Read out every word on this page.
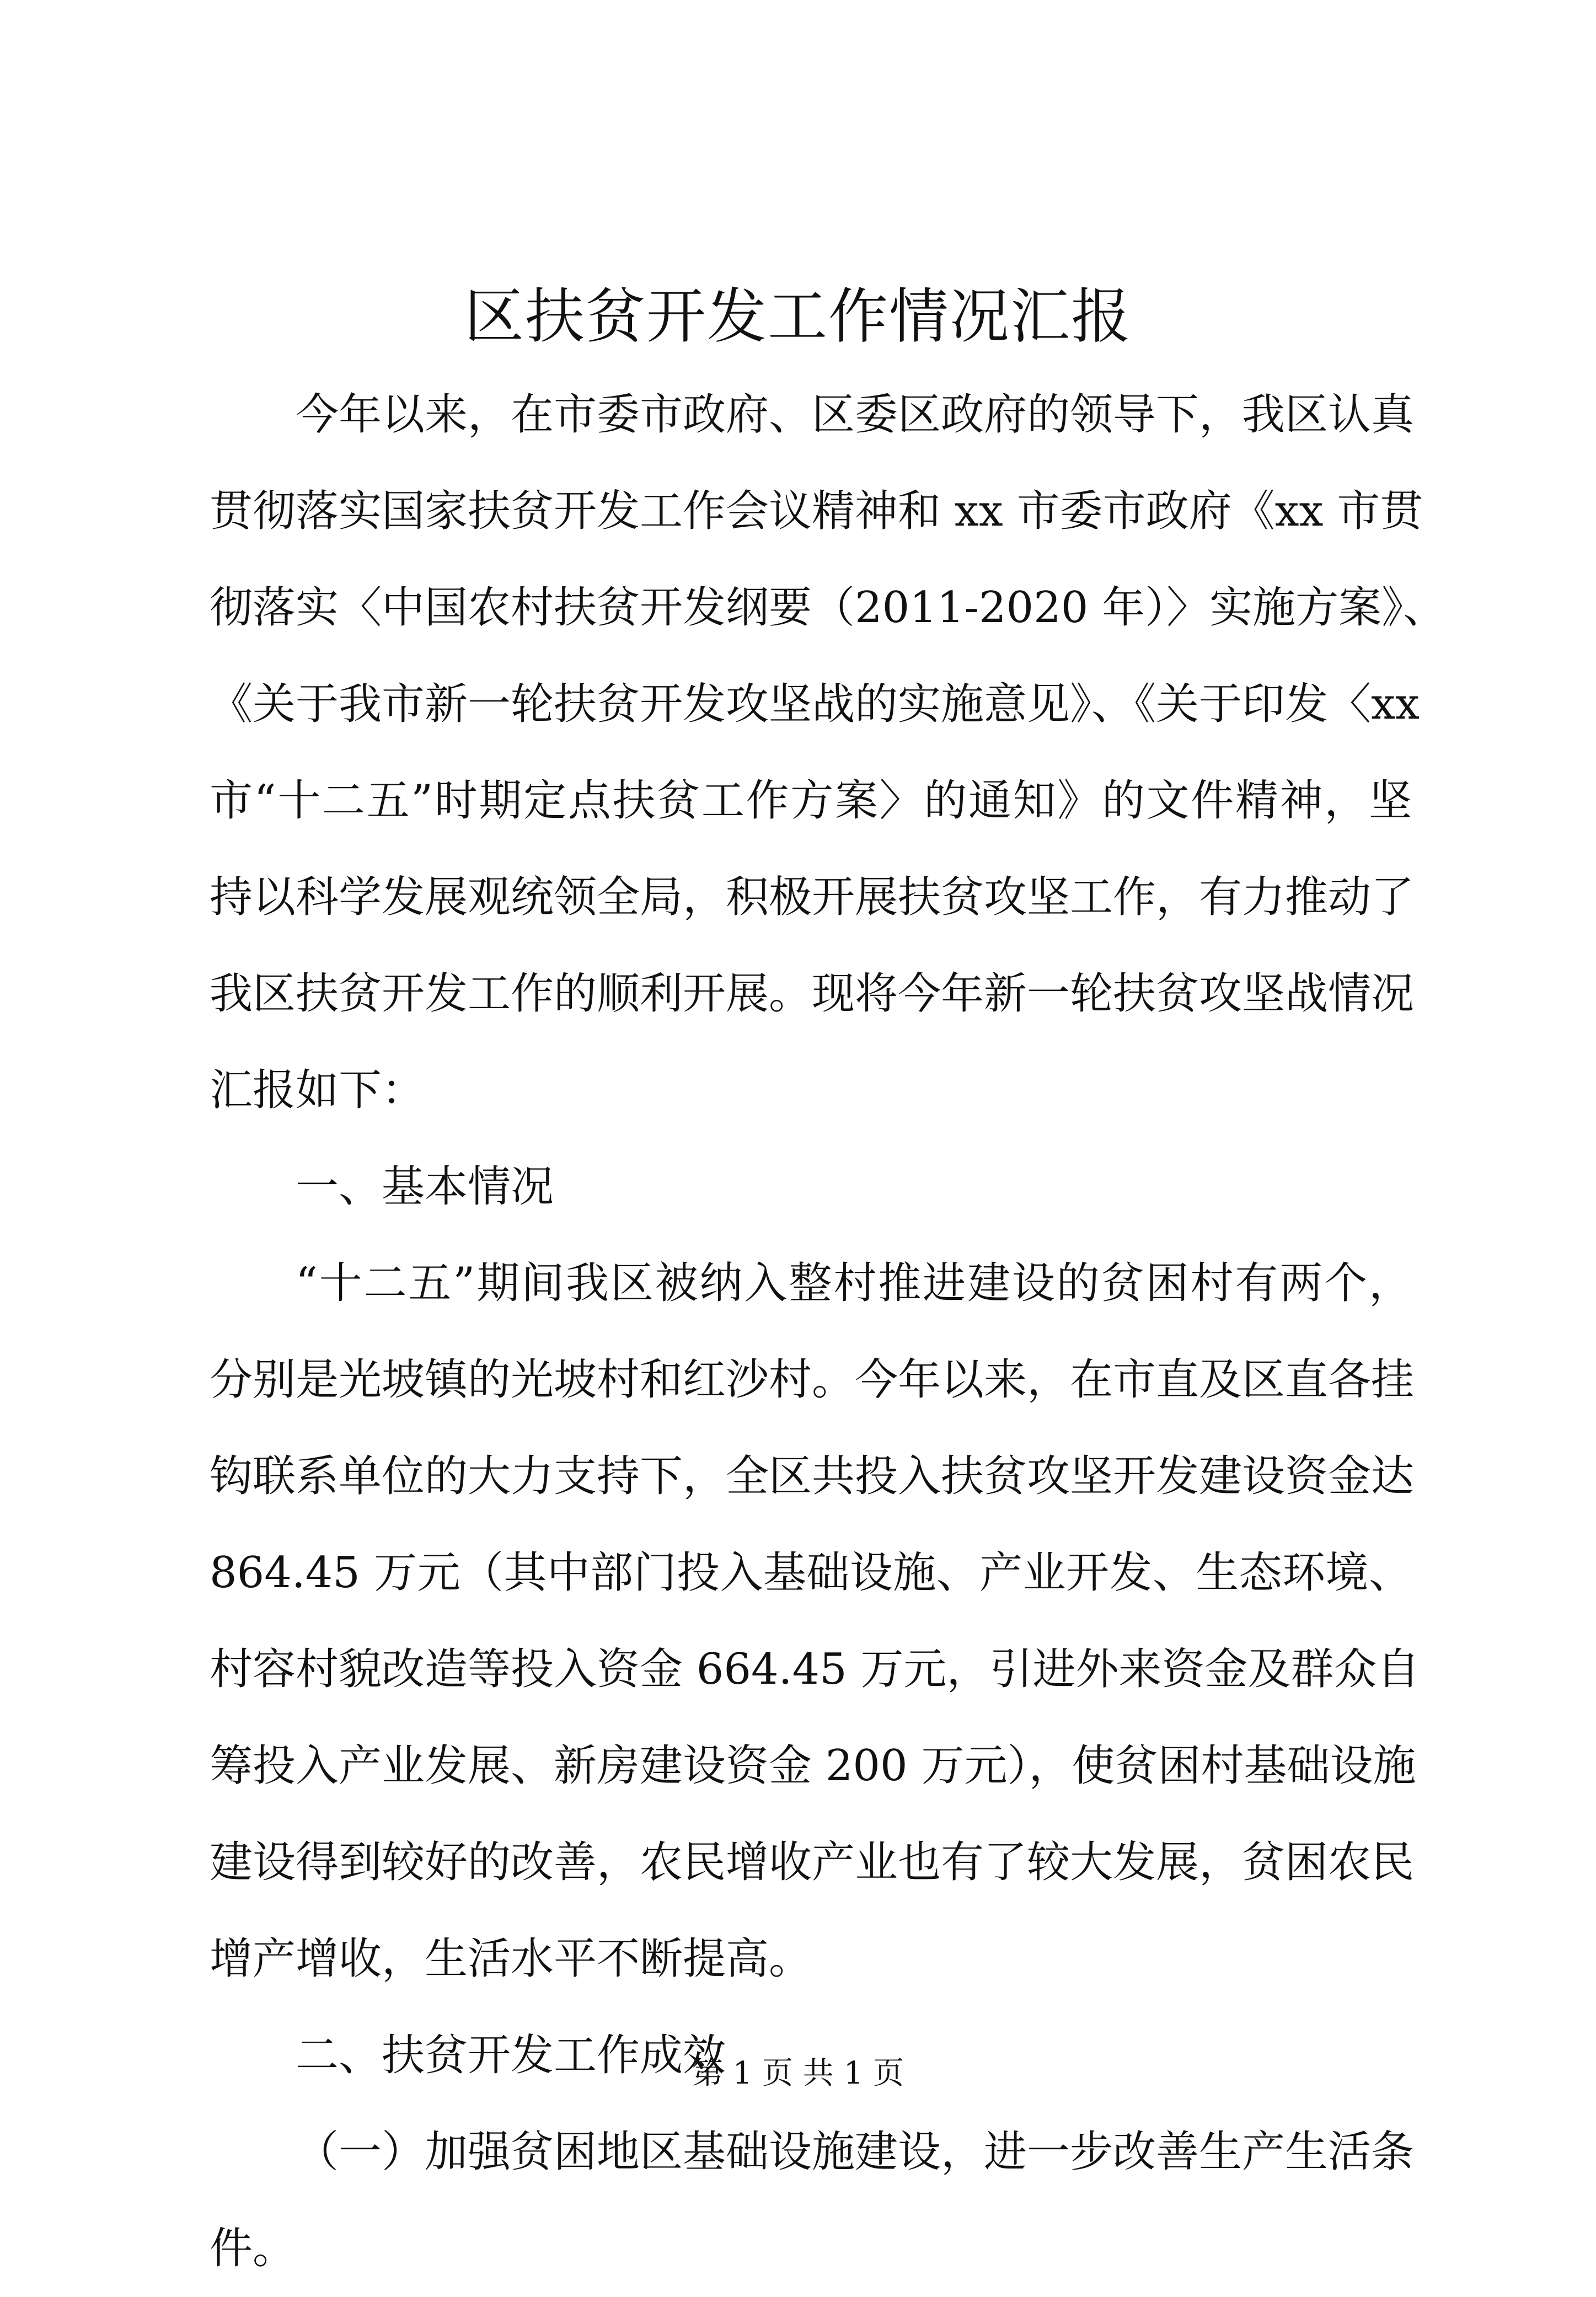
区扶贫开发工作情况汇报
今年以来，在市委市政府、区委区政府的领导下，我区认真
贯彻落实国家扶贫开发工作会议精神和 xx 市委市政府《xx 市贯
彻落实〈中国农村扶贫开发纲要（2011-2020 年）〉实施方案》、
《关于我市新一轮扶贫开发攻坚战的实施意见》、《关于印发〈xx
市“十二五”时期定点扶贫工作方案〉的通知》的文件精神，坚
持以科学发展观统领全局，积极开展扶贫攻坚工作，有力推动了
我区扶贫开发工作的顺利开展。现将今年新一轮扶贫攻坚战情况
汇报如下：
一、基本情况
“十二五”期间我区被纳入整村推进建设的贫困村有两个，
分别是光坡镇的光坡村和红沙村。今年以来，在市直及区直各挂
钩联系单位的大力支持下，全区共投入扶贫攻坚开发建设资金达
864.45 万元（其中部门投入基础设施、产业开发、生态环境、
村容村貌改造等投入资金 664.45 万元，引进外来资金及群众自
筹投入产业发展、新房建设资金 200 万元），使贫困村基础设施
建设得到较好的改善，农民增收产业也有了较大发展，贫困农民
增产增收，生活水平不断提高。
二、扶贫开发工作成效
（一）加强贫困地区基础设施建设，进一步改善生产生活条
件。
第 1 页 共 1 页
